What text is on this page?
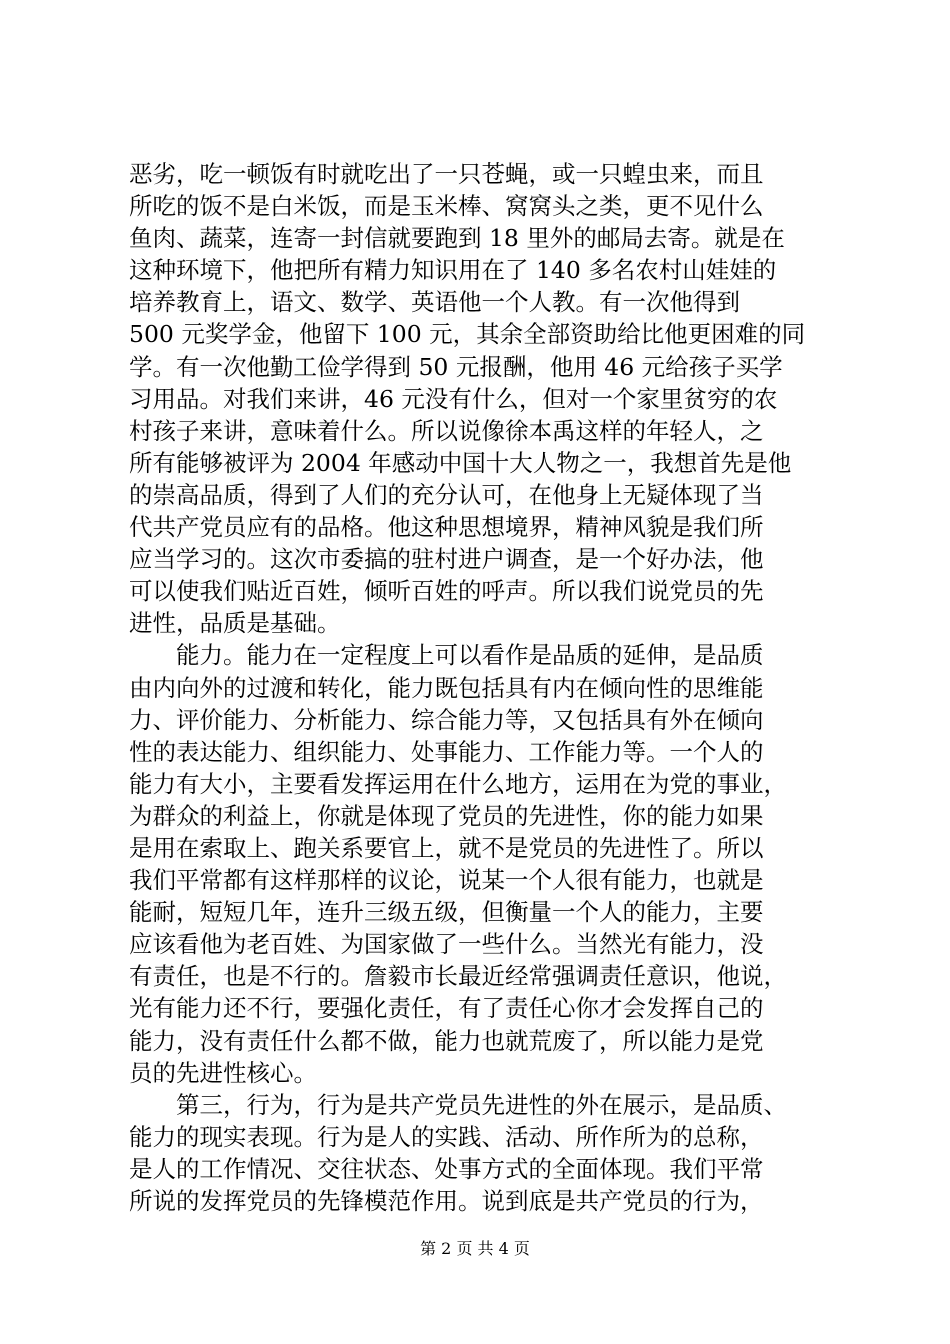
恶劣，吃一顿饭有时就吃出了一只苍蝇，或一只蝗虫来，而且
所吃的饭不是白米饭，而是玉米棒、窝窝头之类，更不见什么
鱼肉、蔬菜，连寄一封信就要跑到 18 里外的邮局去寄。就是在
这种环境下，他把所有精力知识用在了 140 多名农村山娃娃的
培养教育上，语文、数学、英语他一个人教。有一次他得到
500 元奖学金，他留下 100 元，其余全部资助给比他更困难的同
学。有一次他勤工俭学得到 50 元报酬，他用 46 元给孩子买学
习用品。对我们来讲，46 元没有什么，但对一个家里贫穷的农
村孩子来讲，意味着什么。所以说像徐本禹这样的年轻人，之
所有能够被评为 2004 年感动中国十大人物之一，我想首先是他
的崇高品质，得到了人们的充分认可，在他身上无疑体现了当
代共产党员应有的品格。他这种思想境界，精神风貌是我们所
应当学习的。这次市委搞的驻村进户调查，是一个好办法，他
可以使我们贴近百姓，倾听百姓的呼声。所以我们说党员的先
进性，品质是基础。
　　能力。能力在一定程度上可以看作是品质的延伸，是品质
由内向外的过渡和转化，能力既包括具有内在倾向性的思维能
力、评价能力、分析能力、综合能力等，又包括具有外在倾向
性的表达能力、组织能力、处事能力、工作能力等。一个人的
能力有大小，主要看发挥运用在什么地方，运用在为党的事业，
为群众的利益上，你就是体现了党员的先进性，你的能力如果
是用在索取上、跑关系要官上，就不是党员的先进性了。所以
我们平常都有这样那样的议论，说某一个人很有能力，也就是
能耐，短短几年，连升三级五级，但衡量一个人的能力，主要
应该看他为老百姓、为国家做了一些什么。当然光有能力，没
有责任，也是不行的。詹毅市长最近经常强调责任意识，他说，
光有能力还不行，要强化责任，有了责任心你才会发挥自己的
能力，没有责任什么都不做，能力也就荒废了，所以能力是党
员的先进性核心。
　　第三，行为，行为是共产党员先进性的外在展示，是品质、
能力的现实表现。行为是人的实践、活动、所作所为的总称，
是人的工作情况、交往状态、处事方式的全面体现。我们平常
所说的发挥党员的先锋模范作用。说到底是共产党员的行为，
第 2 页 共 4 页
